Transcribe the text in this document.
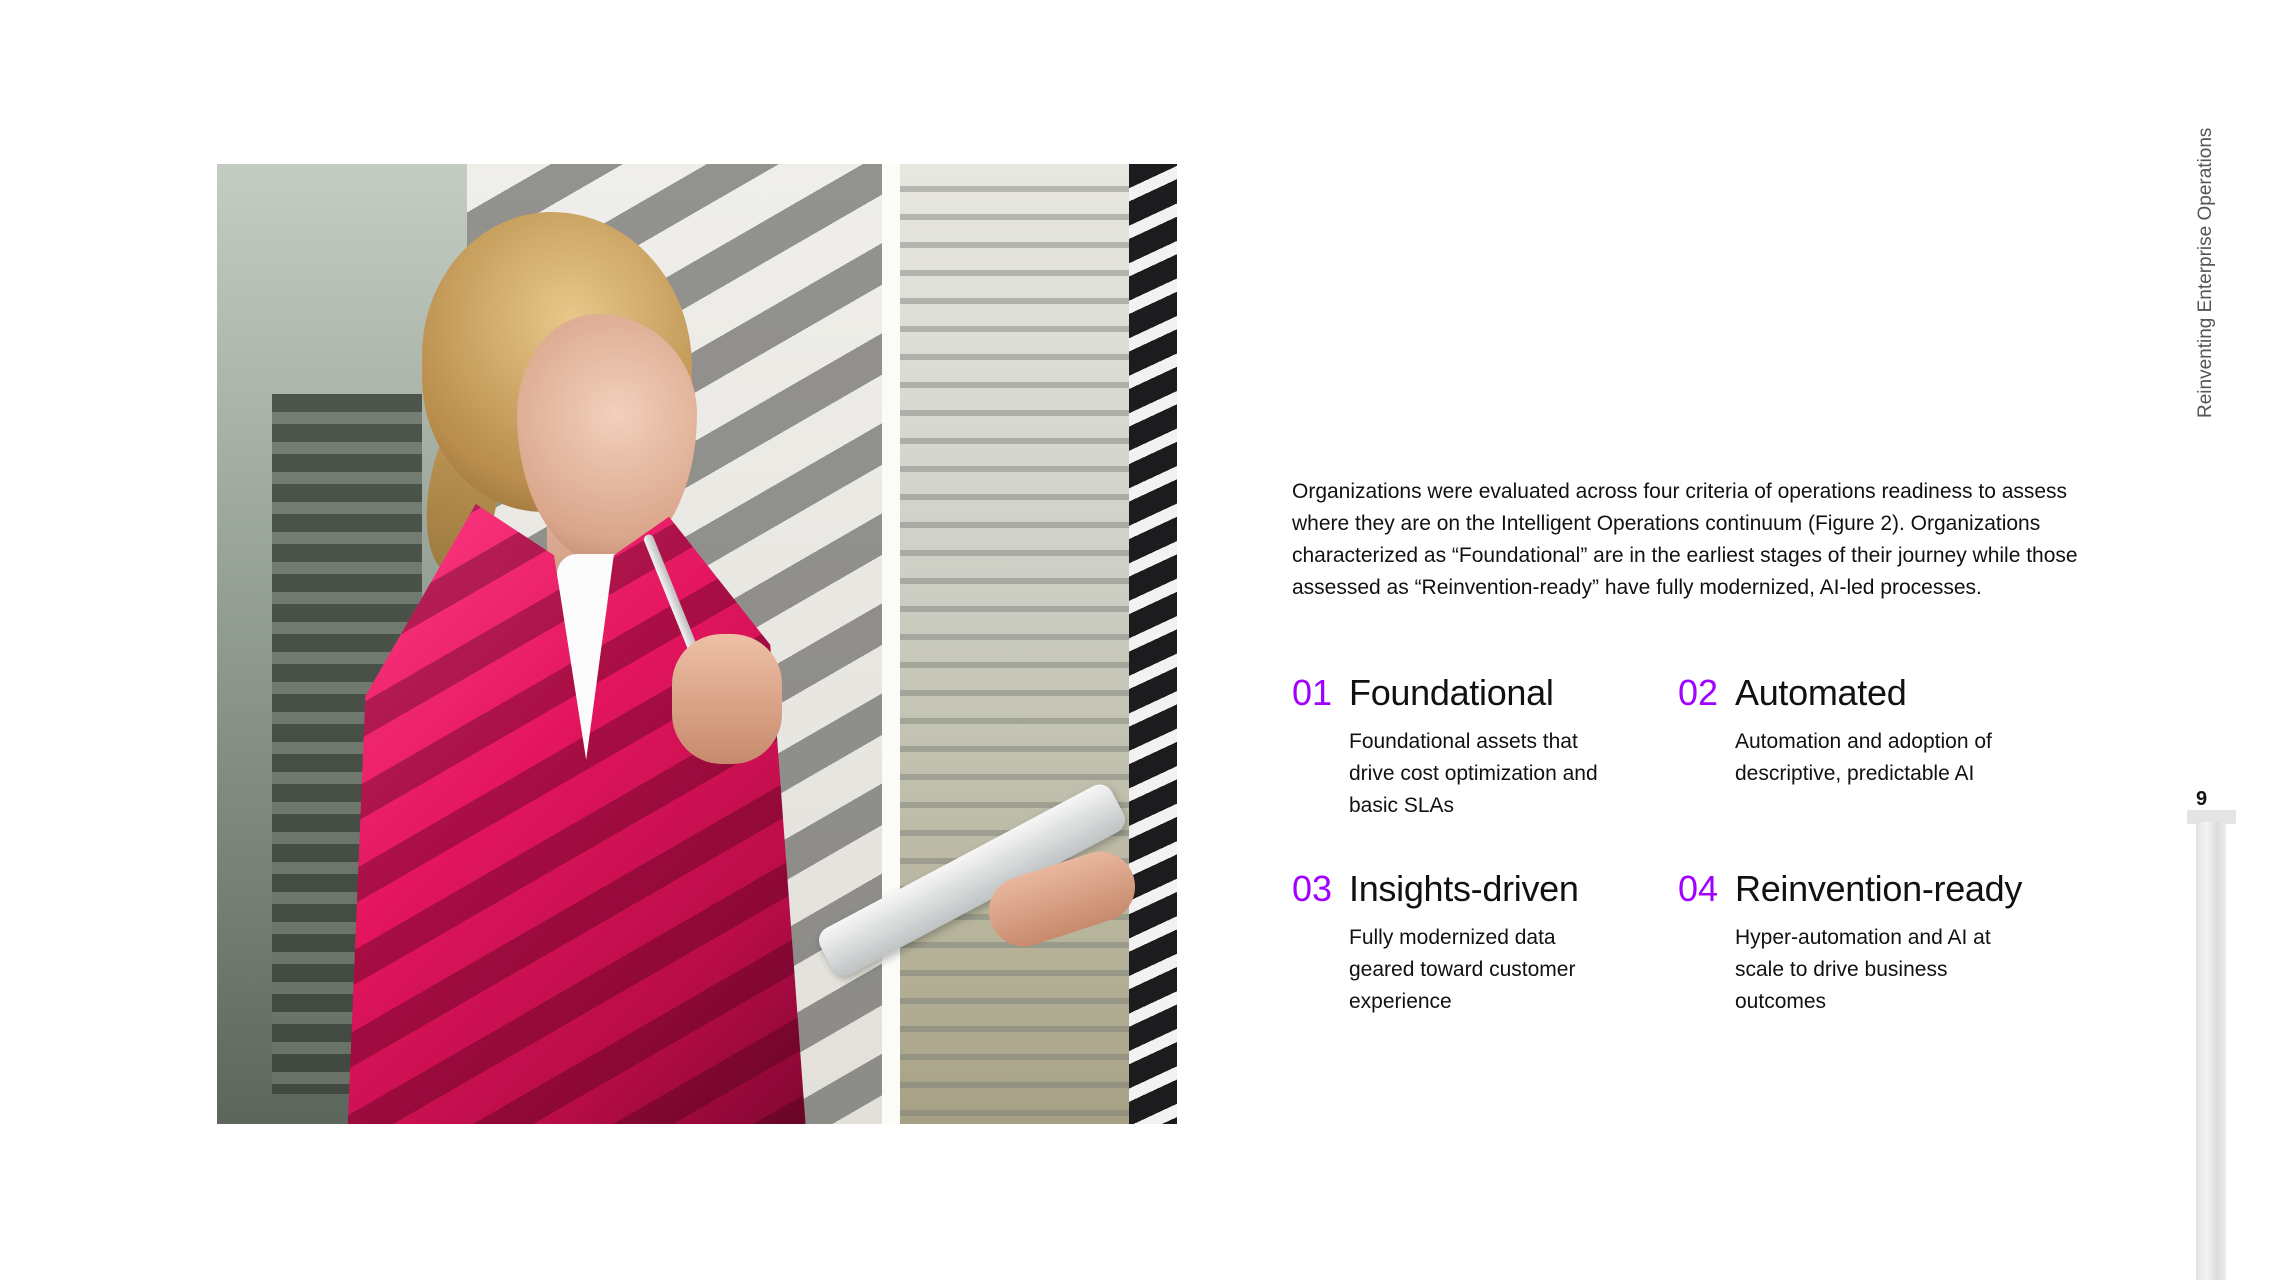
Organizations were evaluated across four criteria of operations readiness to assess where they are on the Intelligent Operations continuum (Figure 2). Organizations characterized as “Foundational” are in the earliest stages of their journey while those assessed as “Reinvention-ready” have fully modernized, AI-led processes.

01 Foundational
Foundational assets that drive cost optimization and basic SLAs
02 Automated
Automation and adoption of descriptive, predictable AI
03 Insights-driven
Fully modernized data geared toward customer experience
04 Reinvention-ready
Hyper-automation and AI at scale to drive business outcomes
Reinventing Enterprise Operations
9
